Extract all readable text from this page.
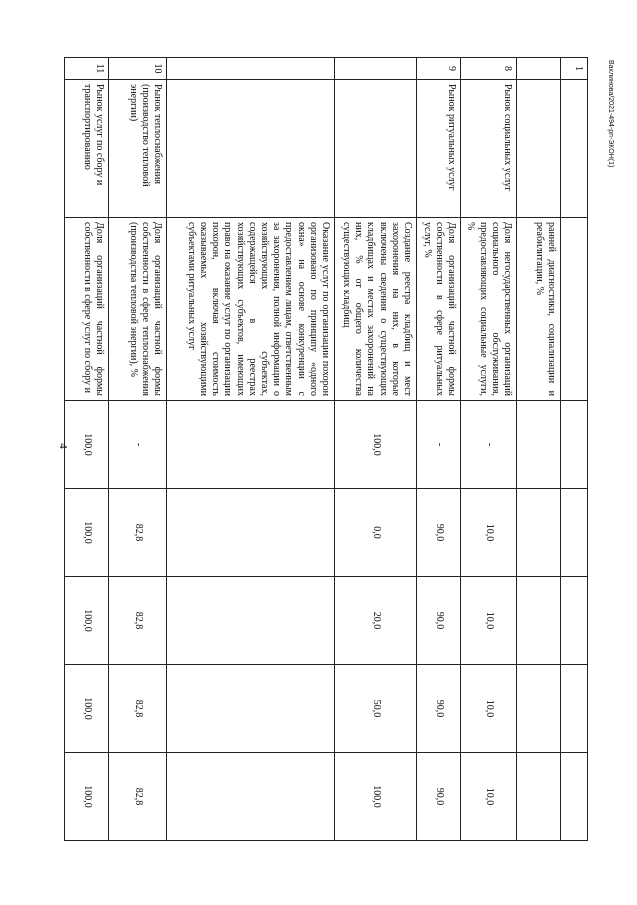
4
Вахлинова/2021-494-рп-ЭКОН(1)
1							
		ранней диагностики, социализации и реабилитации, %					
8	Рынок социальных услуг	Доля негосударственных организаций социального обслуживания, предоставляющих социальные услуги, %	-	10,0	10,0	10,0	10,0
9	Рынок ритуальных услуг	Доля организаций частной формы собственности в сфере ритуальных услуг, %	-	90,0	90,0	90,0	90,0
		Создание реестра кладбищ и мест захоронения на них, в которые включены сведения о существующих кладбищах и местах захоронений на них, % от общего количества существующих кладбищ	100,0	0,0	20,0	50,0	100,0
		Оказание услуг по организации похорон организовано по принципу «одного окна» на основе конкуренции с предоставлением лицам, ответственным за захоронения, полной информации о хозяйствующих субъектах, содержащейся в реестрах хозяйствующих субъектов, имеющих право на оказание услуг по организации похорон, включая стоимость оказываемых хозяйствующими субъектами ритуальных услуг					
10	Рынок теплоснабжения (производство тепловой энергии)	Доля организаций частной формы собственности в сфере теплоснабжения (производства тепловой энергии), %	-	82,8	82,8	82,8	82,8
11	Рынок услуг по сбору и транспортированию	Доля организаций частной формы собственности в сфере услуг по сбору и	100,0	100,0	100,0	100,0	100,0
